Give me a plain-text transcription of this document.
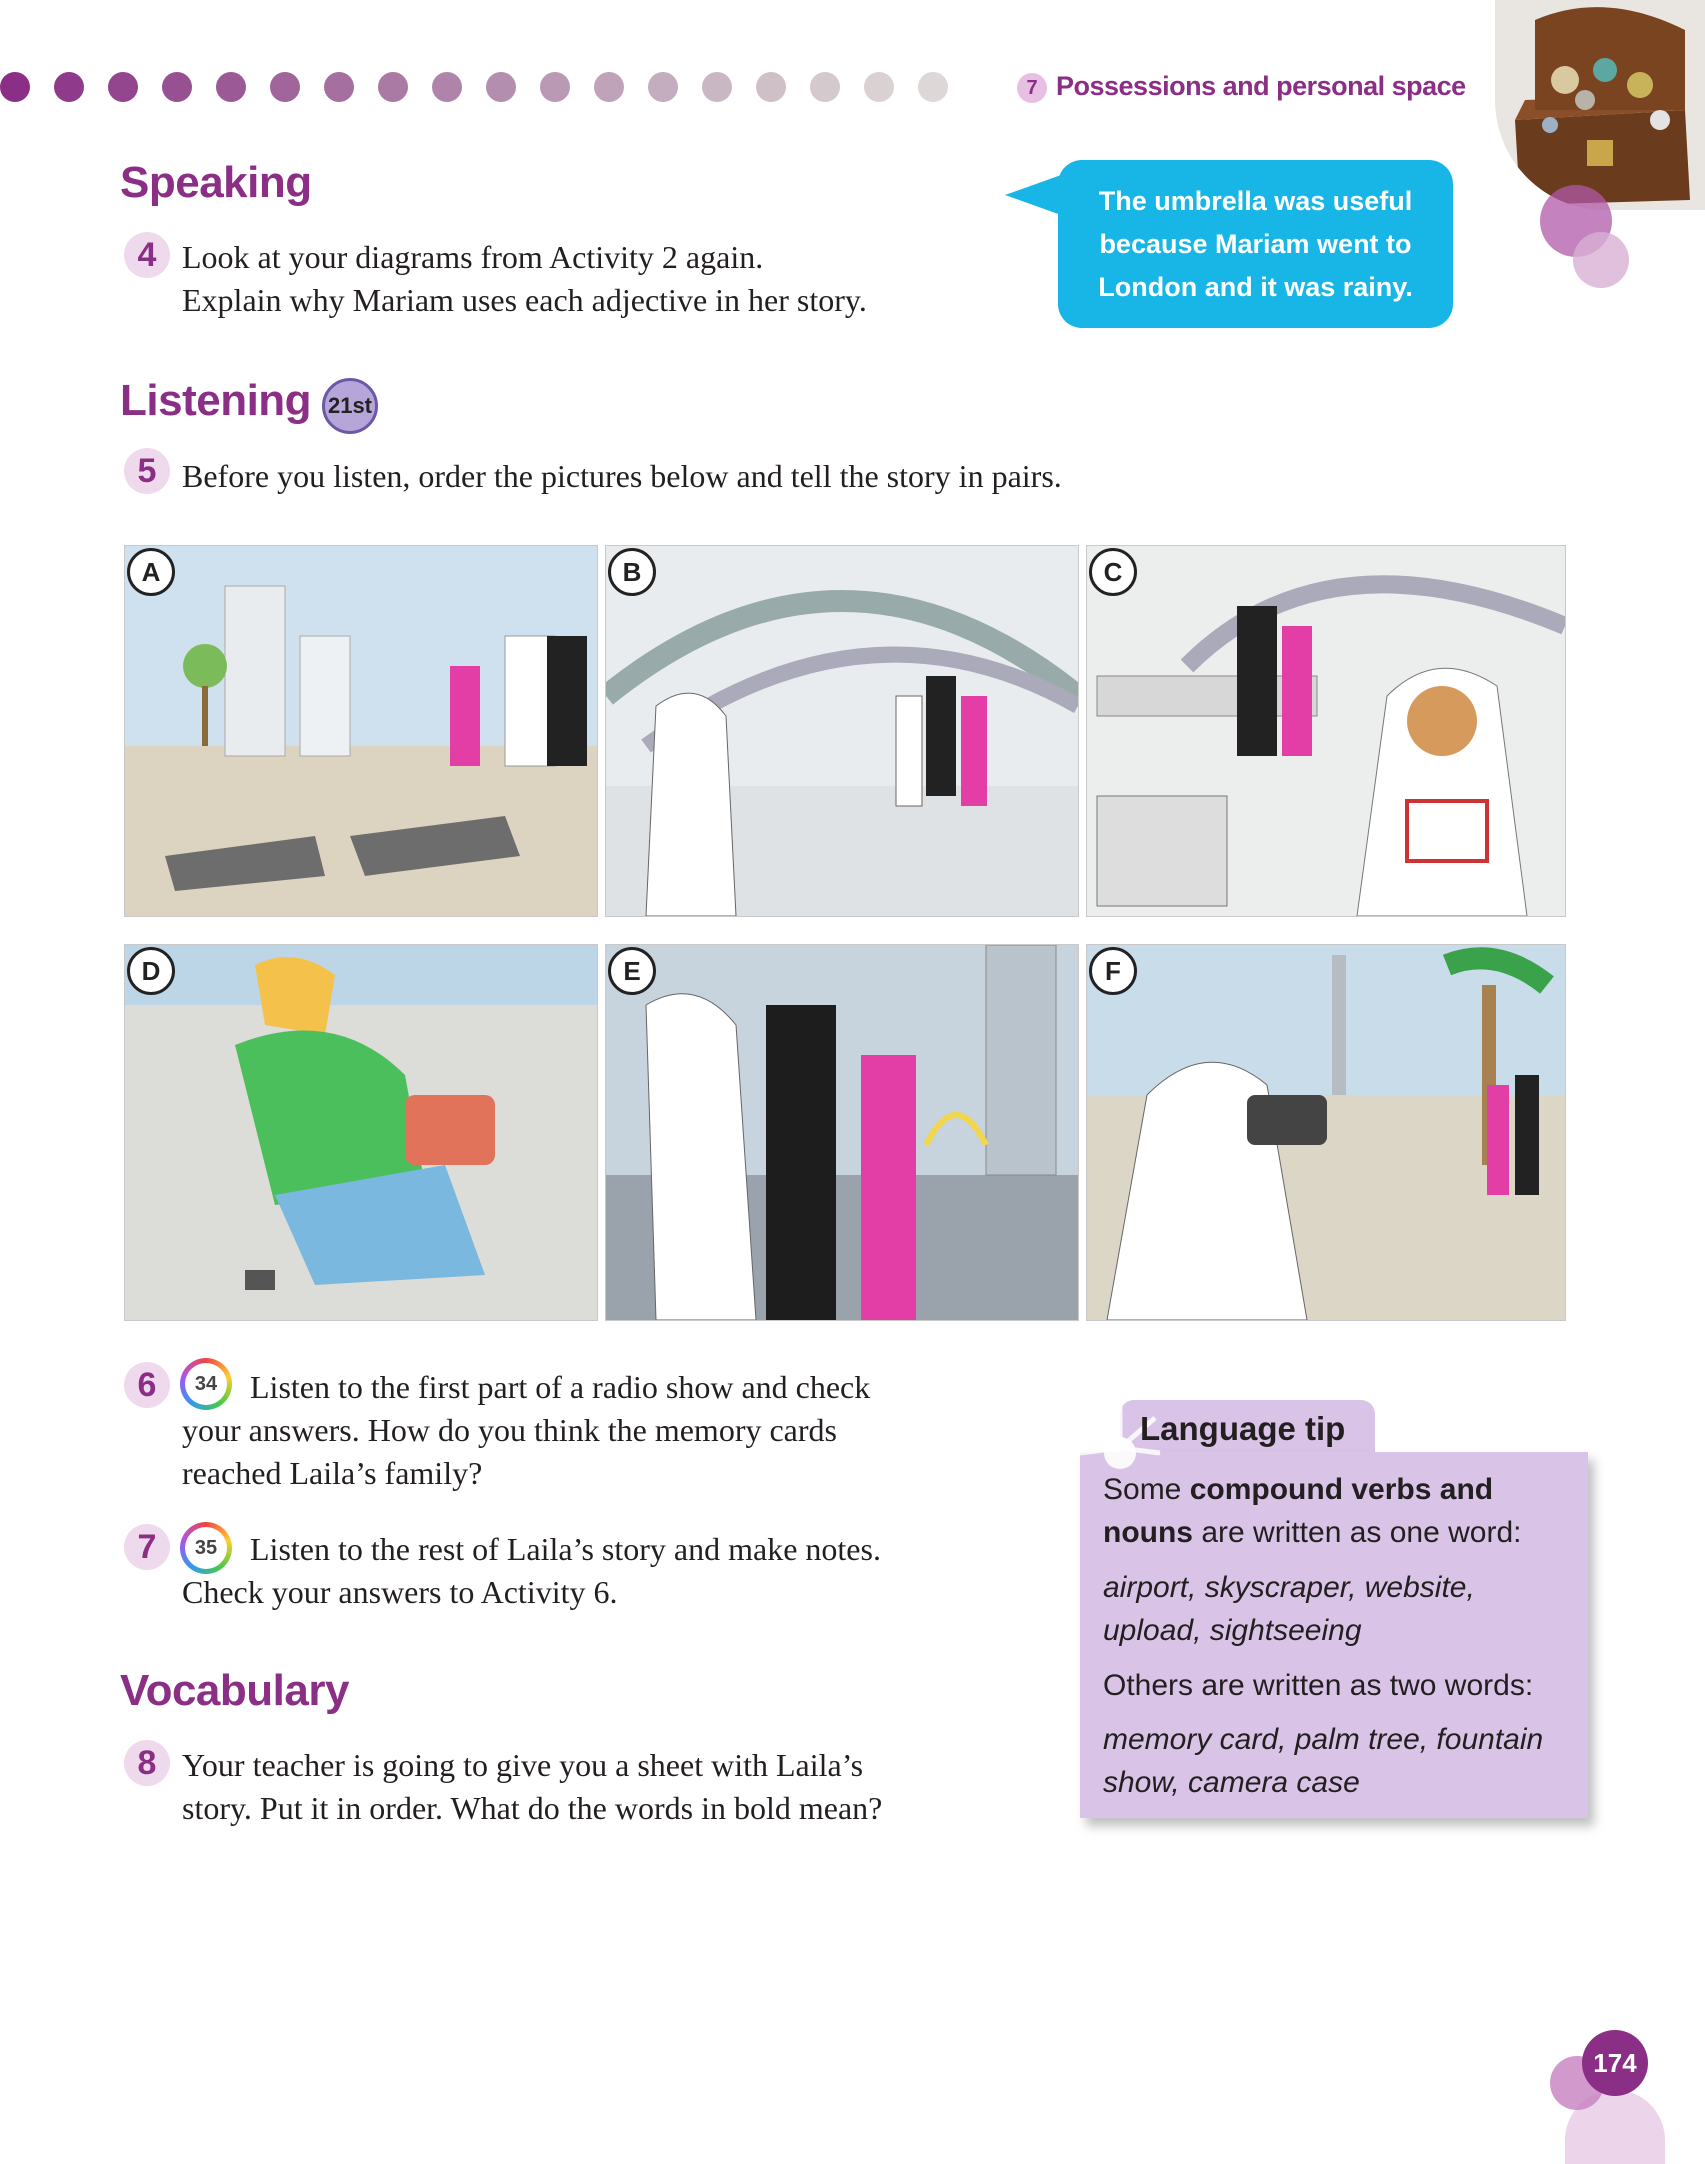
7 Possessions and personal space
Speaking
4 Look at your diagrams from Activity 2 again.
Explain why Mariam uses each adjective in her story.
The umbrella was useful
because Mariam went to
London and it was rainy.
Listening 21st
5 Before you listen, order the pictures below and tell the story in pairs.
A	B	C
D	E	F
6	34	Listen to the first part of a radio show and check
your answers. How do you think the memory cards
reached Laila’s family?
7	35	Listen to the rest of Laila’s story and make notes.
Check your answers to Activity 6.
Vocabulary
8 Your teacher is going to give you a sheet with Laila’s
story. Put it in order. What do the words in bold mean?
Language tip
Some compound verbs and
nouns are written as one word:
airport, skyscraper, website,
upload, sightseeing
Others are written as two words:
memory card, palm tree, fountain
show, camera case
174
